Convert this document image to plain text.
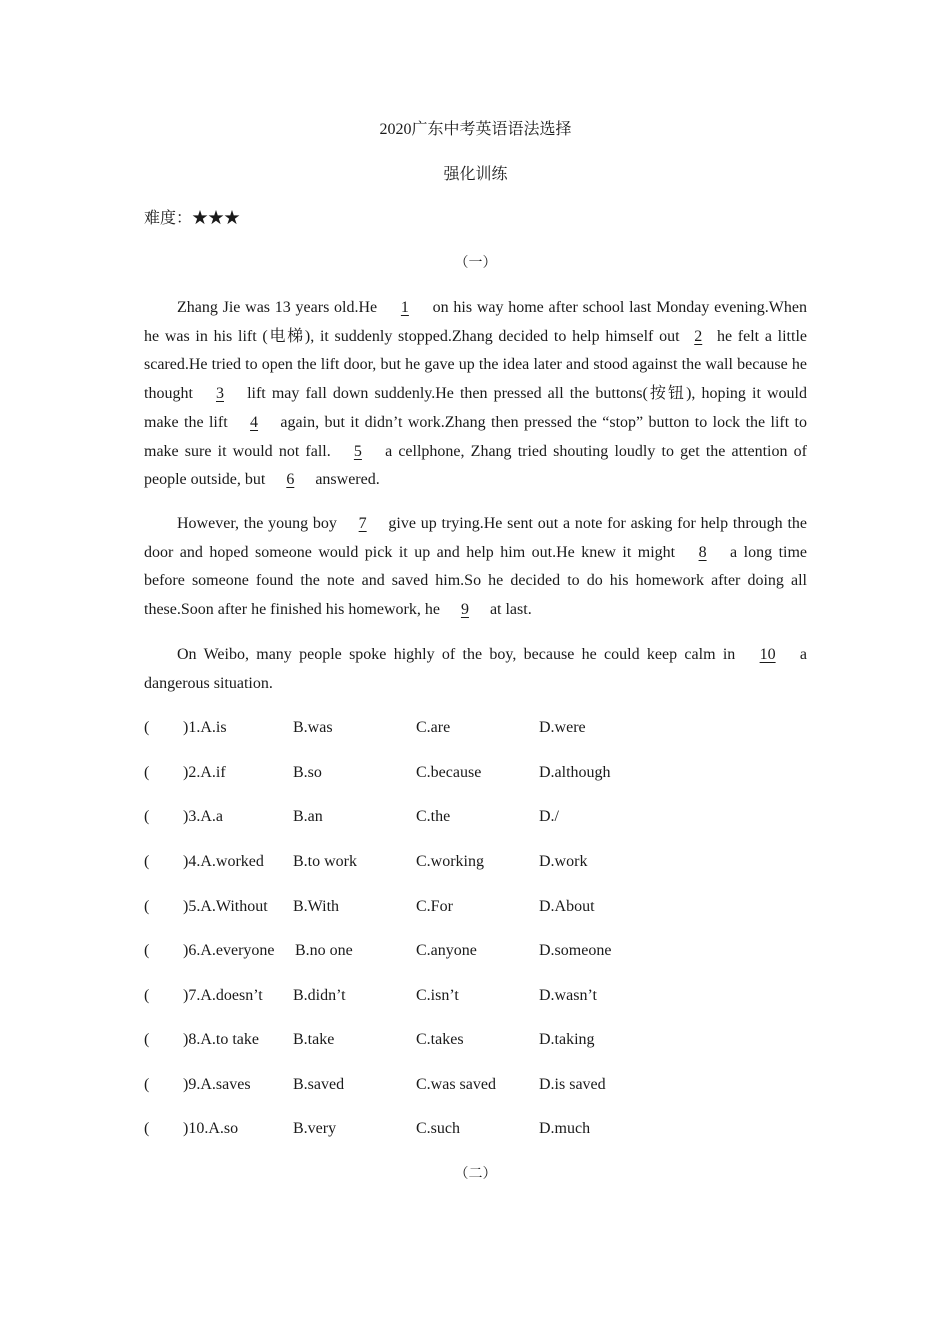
2020广东中考英语语法选择
强化训练
难度：★★★
（一）
Zhang Jie was 13 years old.He 1 on his way home after school last Monday evening.When he was in his lift (电梯), it suddenly stopped.Zhang decided to help himself out 2 he felt a little scared.He tried to open the lift door, but he gave up the idea later and stood against the wall because he thought 3 lift may fall down suddenly.He then pressed all the buttons(按钮), hoping it would make the lift 4 again, but it didn’t work.Zhang then pressed the “stop” button to lock the lift to make sure it would not fall. 5 a cellphone, Zhang tried shouting loudly to get the attention of people outside, but 6 answered.
However, the young boy 7 give up trying.He sent out a note for asking for help through the door and hoped someone would pick it up and help him out.He knew it might 8 a long time before someone found the note and saved him.So he decided to do his homework after doing all these.Soon after he finished his homework, he 9 at last.
On Weibo, many people spoke highly of the boy, because he could keep calm in 10 a dangerous situation.
( )1.A.is	B.was	C.are	D.were
( )2.A.if	B.so	C.because	D.although
( )3.A.a	B.an	C.the	D./
( )4.A.worked B.to work	C.working	D.work
( )5.A.Without B.With	C.For	D.About
( )6.A.everyone B.no one	C.anyone	D.someone
( )7.A.doesn’t B.didn’t	C.isn’t	D.wasn’t
( )8.A.to take B.take	C.takes	D.taking
( )9.A.saves	B.saved	C.was saved	D.is saved
( )10.A.so	B.very	C.such	D.much
（二）
